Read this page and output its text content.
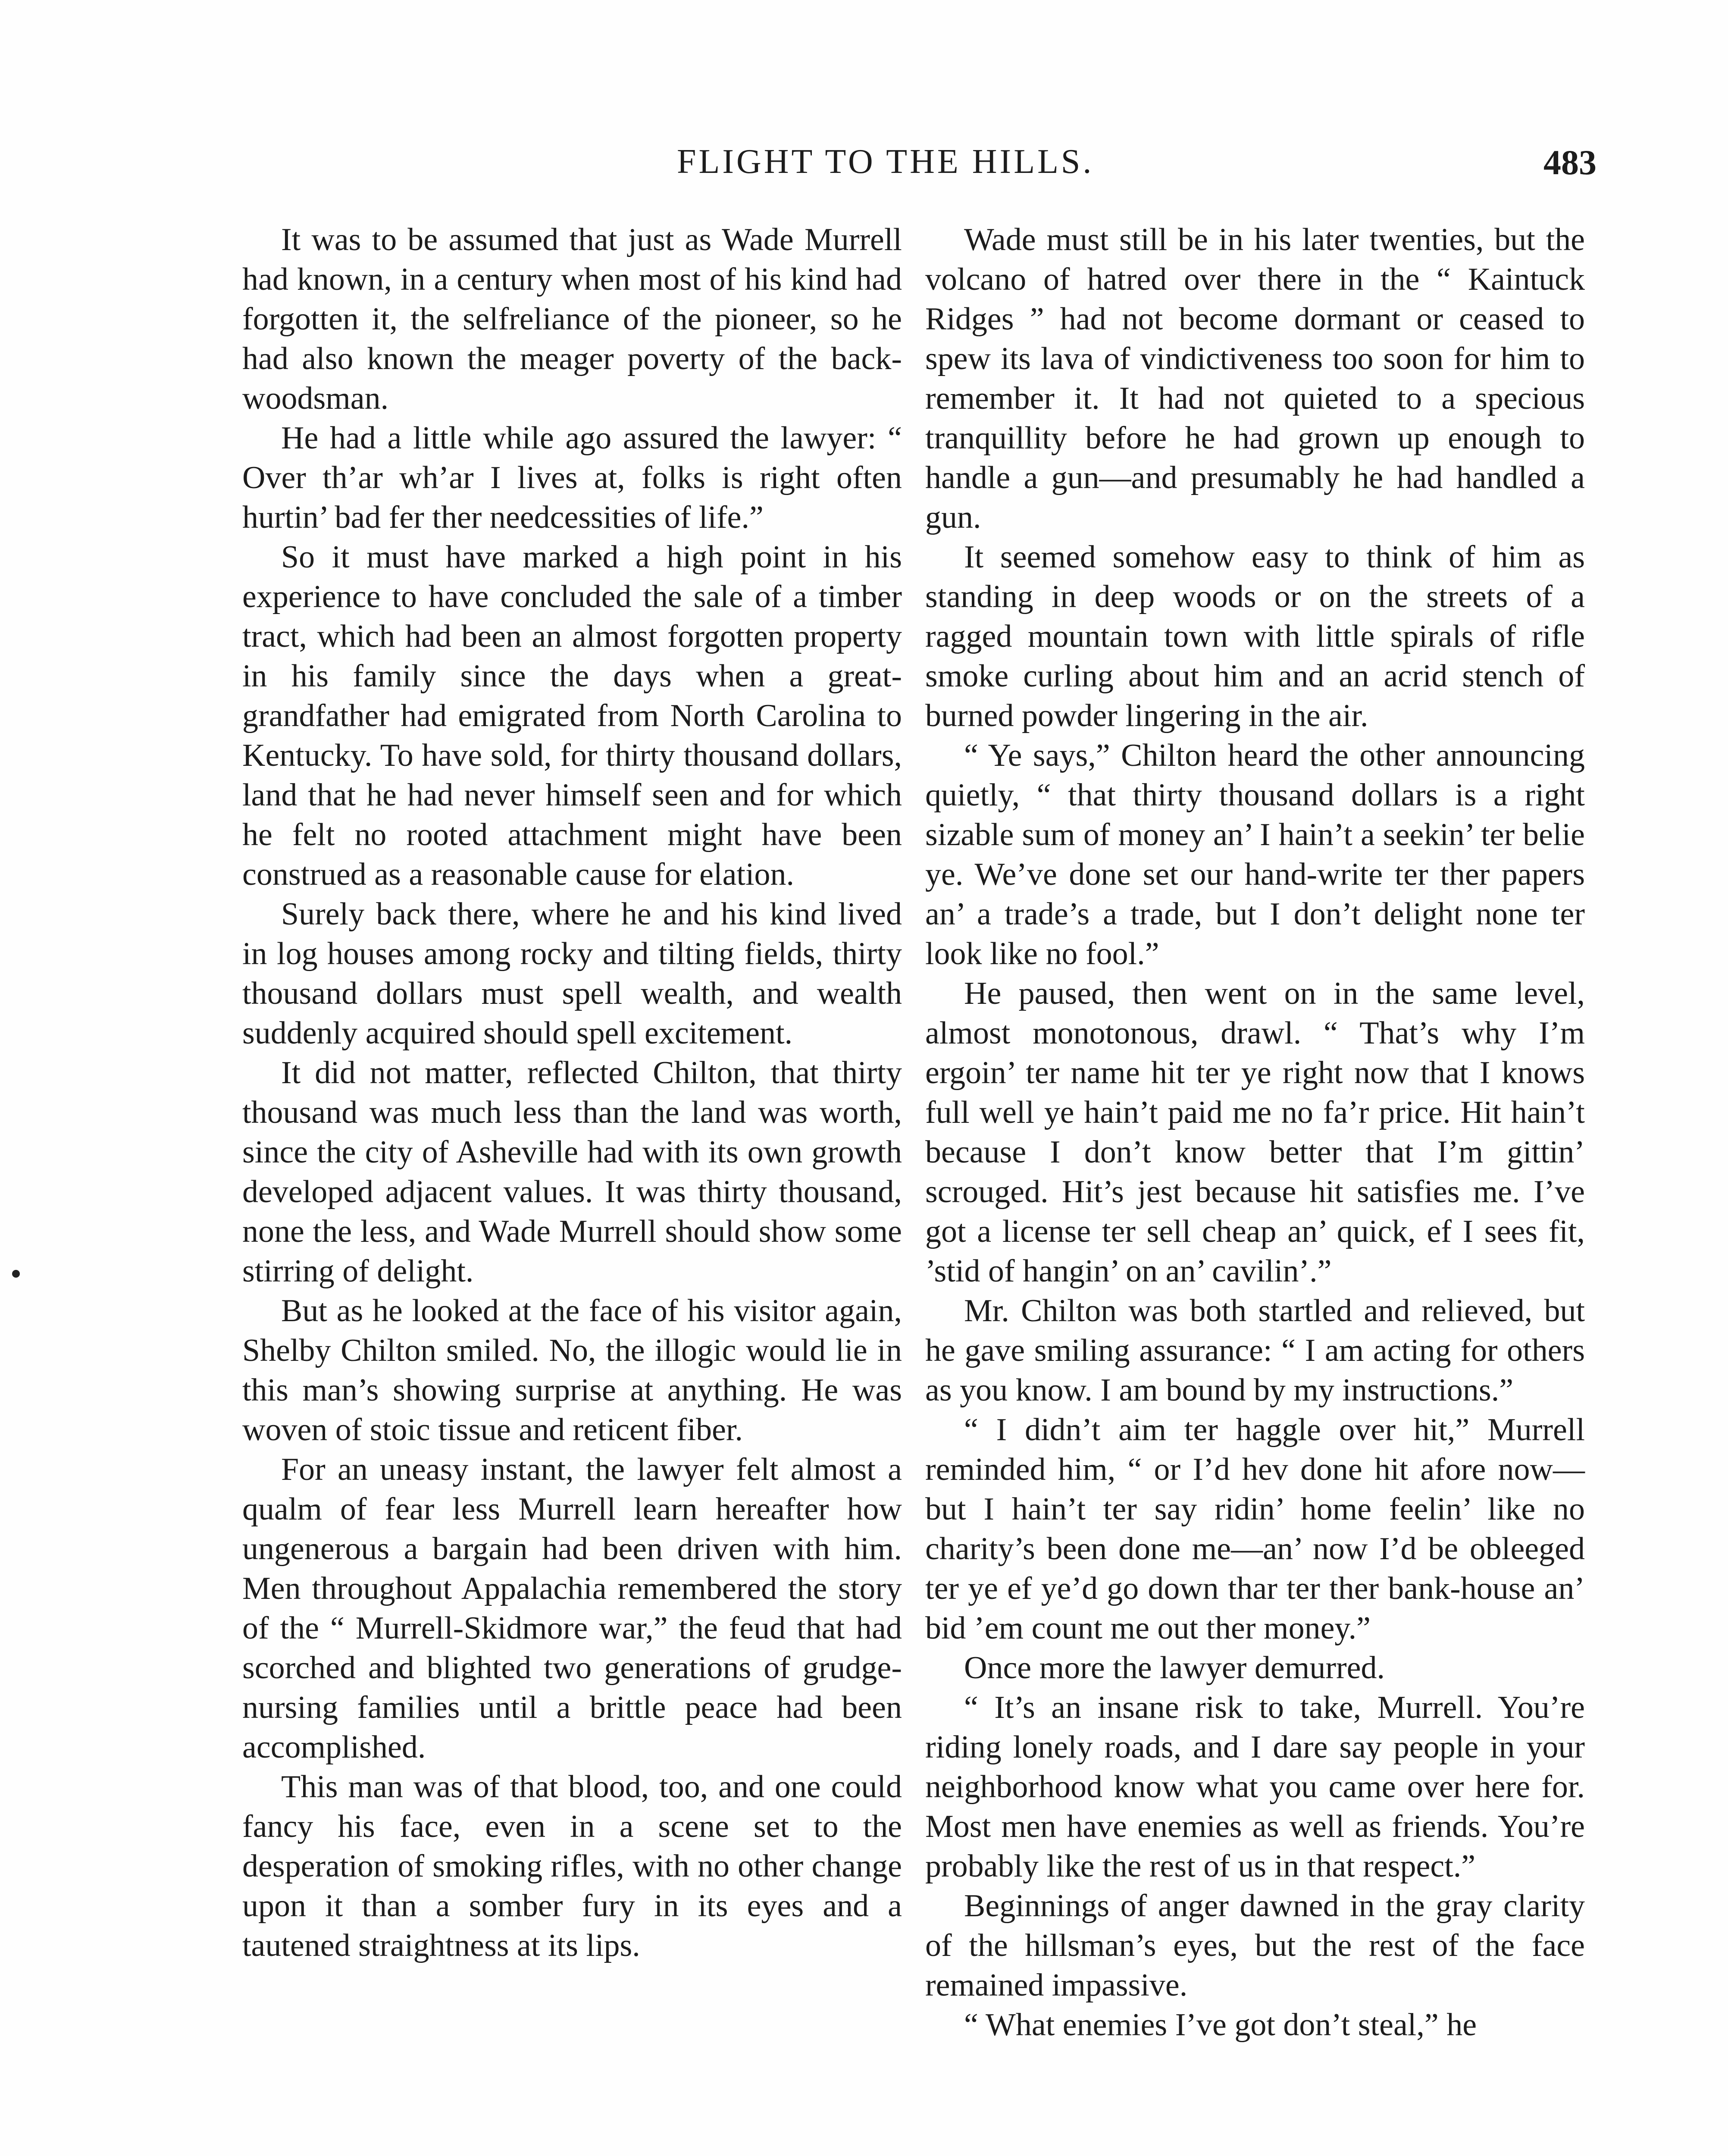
FLIGHT TO THE HILLS.	483

It was to be assumed that just as Wade Murrell had known, in a century when most of his kind had forgotten it, the selfreliance of the pioneer, so he had also known the meager poverty of the backwoodsman.

He had a little while ago assured the lawyer: “ Over th’ar wh’ar I lives at, folks is right often hurtin’ bad fer ther needcessities of life.”

So it must have marked a high point in his experience to have concluded the sale of a timber tract, which had been an almost forgotten property in his family since the days when a great-grandfather had emigrated from North Carolina to Kentucky. To have sold, for thirty thousand dollars, land that he had never himself seen and for which he felt no rooted attachment might have been construed as a reasonable cause for elation.

Surely back there, where he and his kind lived in log houses among rocky and tilting fields, thirty thousand dollars must spell wealth, and wealth suddenly acquired should spell excitement.

It did not matter, reflected Chilton, that thirty thousand was much less than the land was worth, since the city of Asheville had with its own growth developed adjacent values. It was thirty thousand, none the less, and Wade Murrell should show some stirring of delight.

But as he looked at the face of his visitor again, Shelby Chilton smiled. No, the illogic would lie in this man’s showing surprise at anything. He was woven of stoic tissue and reticent fiber.

For an uneasy instant, the lawyer felt almost a qualm of fear less Murrell learn hereafter how ungenerous a bargain had been driven with him. Men throughout Appalachia remembered the story of the “ Murrell-Skidmore war,” the feud that had scorched and blighted two generations of grudge-nursing families until a brittle peace had been accomplished.

This man was of that blood, too, and one could fancy his face, even in a scene set to the desperation of smoking rifles, with no other change upon it than a somber fury in its eyes and a tautened straightness at its lips.

Wade must still be in his later twenties, but the volcano of hatred over there in the “ Kaintuck Ridges ” had not become dormant or ceased to spew its lava of vindictiveness too soon for him to remember it. It had not quieted to a specious tranquillity before he had grown up enough to handle a gun—and presumably he had handled a gun.

It seemed somehow easy to think of him as standing in deep woods or on the streets of a ragged mountain town with little spirals of rifle smoke curling about him and an acrid stench of burned powder lingering in the air.

“ Ye says,” Chilton heard the other announcing quietly, “ that thirty thousand dollars is a right sizable sum of money an’ I hain’t a seekin’ ter belie ye. We’ve done set our hand-write ter ther papers an’ a trade’s a trade, but I don’t delight none ter look like no fool.”

He paused, then went on in the same level, almost monotonous, drawl. “ That’s why I’m ergoin’ ter name hit ter ye right now that I knows full well ye hain’t paid me no fa’r price. Hit hain’t because I don’t know better that I’m gittin’ scrouged. Hit’s jest because hit satisfies me. I’ve got a license ter sell cheap an’ quick, ef I sees fit, ’stid of hangin’ on an’ cavilin’.”

Mr. Chilton was both startled and relieved, but he gave smiling assurance: “ I am acting for others as you know. I am bound by my instructions.”

“ I didn’t aim ter haggle over hit,” Murrell reminded him, “ or I’d hev done hit afore now—but I hain’t ter say ridin’ home feelin’ like no charity’s been done me—an’ now I’d be obleeged ter ye ef ye’d go down thar ter ther bank-house an’ bid ’em count me out ther money.”

Once more the lawyer demurred.

“ It’s an insane risk to take, Murrell. You’re riding lonely roads, and I dare say people in your neighborhood know what you came over here for. Most men have enemies as well as friends. You’re probably like the rest of us in that respect.”

Beginnings of anger dawned in the gray clarity of the hillsman’s eyes, but the rest of the face remained impassive.

“ What enemies I’ve got don’t steal,” he
